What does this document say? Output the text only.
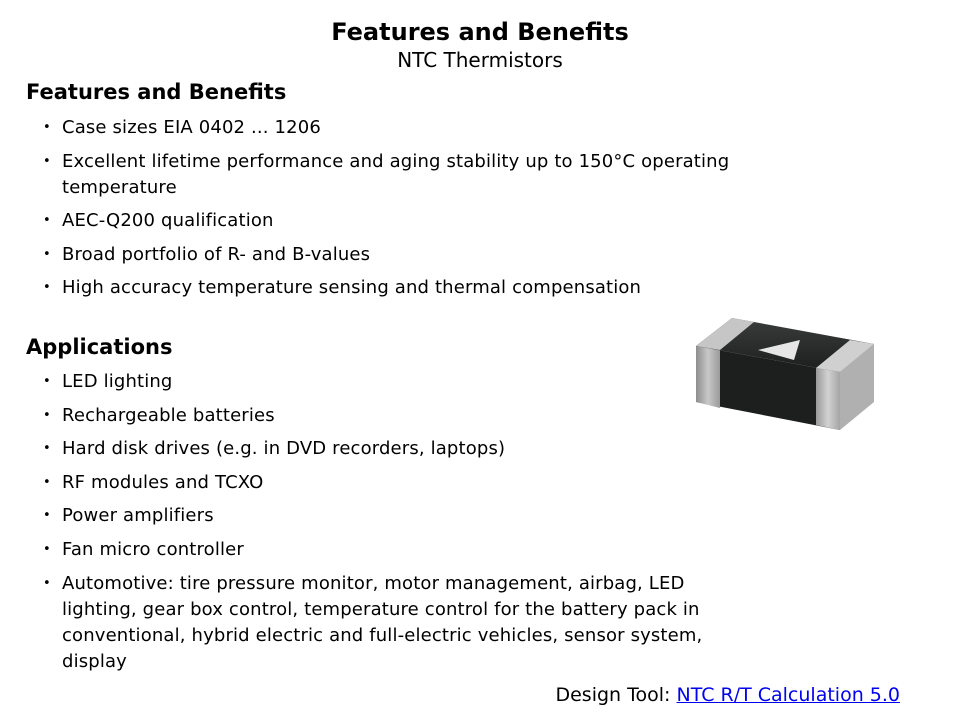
Features and Benefits
NTC Thermistors
Features and Benefits
• Case sizes EIA 0402 ... 1206
• Excellent lifetime performance and aging stability up to 150°C operating temperature
• AEC-Q200 qualification
• Broad portfolio of R- and B-values
• High accuracy temperature sensing and thermal compensation
Applications
• LED lighting
• Rechargeable batteries
• Hard disk drives (e.g. in DVD recorders, laptops)
• RF modules and TCXO
• Power amplifiers
• Fan micro controller
• Automotive: tire pressure monitor, motor management, airbag, LED lighting, gear box control, temperature control for the battery pack in conventional, hybrid electric and full-electric vehicles, sensor system, display
Design Tool: NTC R/T Calculation 5.0
